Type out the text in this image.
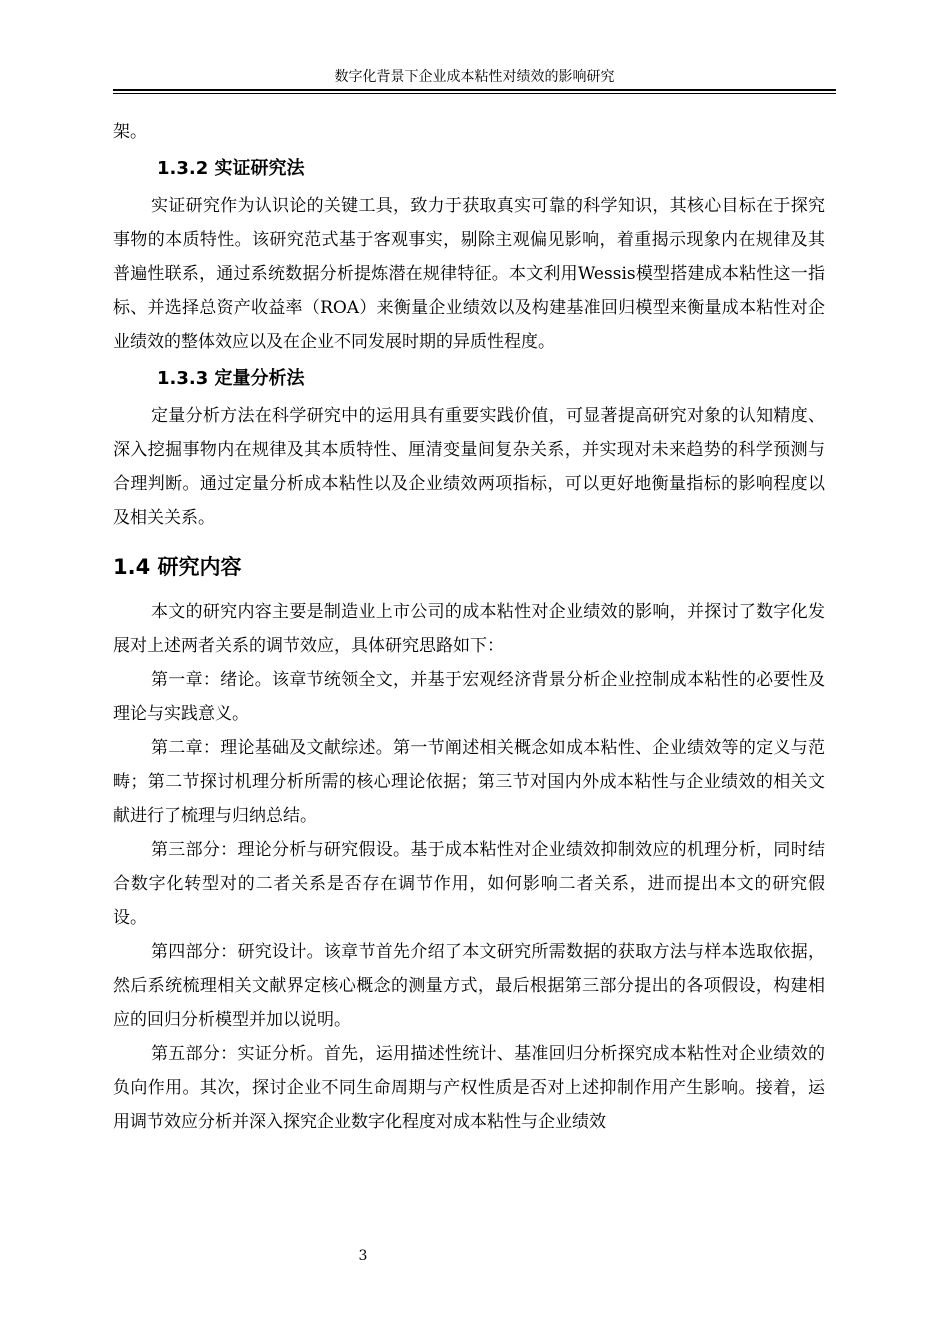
数字化背景下企业成本粘性对绩效的影响研究

架。

1.3.2 实证研究法

实证研究作为认识论的关键工具，致力于获取真实可靠的科学知识，其核心目标在于探究事物的本质特性。该研究范式基于客观事实，剔除主观偏见影响，着重揭示现象内在规律及其普遍性联系，通过系统数据分析提炼潜在规律特征。本文利用Wessis模型搭建成本粘性这一指标、并选择总资产收益率（ROA）来衡量企业绩效以及构建基准回归模型来衡量成本粘性对企业绩效的整体效应以及在企业不同发展时期的异质性程度。

1.3.3 定量分析法

定量分析方法在科学研究中的运用具有重要实践价值，可显著提高研究对象的认知精度、深入挖掘事物内在规律及其本质特性、厘清变量间复杂关系，并实现对未来趋势的科学预测与合理判断。通过定量分析成本粘性以及企业绩效两项指标，可以更好地衡量指标的影响程度以及相关关系。

1.4 研究内容

本文的研究内容主要是制造业上市公司的成本粘性对企业绩效的影响，并探讨了数字化发展对上述两者关系的调节效应，具体研究思路如下：

第一章：绪论。该章节统领全文，并基于宏观经济背景分析企业控制成本粘性的必要性及理论与实践意义。

第二章：理论基础及文献综述。第一节阐述相关概念如成本粘性、企业绩效等的定义与范畴；第二节探讨机理分析所需的核心理论依据；第三节对国内外成本粘性与企业绩效的相关文献进行了梳理与归纳总结。

第三部分：理论分析与研究假设。基于成本粘性对企业绩效抑制效应的机理分析，同时结合数字化转型对的二者关系是否存在调节作用，如何影响二者关系，进而提出本文的研究假设。

第四部分：研究设计。该章节首先介绍了本文研究所需数据的获取方法与样本选取依据，然后系统梳理相关文献界定核心概念的测量方式，最后根据第三部分提出的各项假设，构建相应的回归分析模型并加以说明。

第五部分：实证分析。首先，运用描述性统计、基准回归分析探究成本粘性对企业绩效的负向作用。其次，探讨企业不同生命周期与产权性质是否对上述抑制作用产生影响。接着，运用调节效应分析并深入探究企业数字化程度对成本粘性与企业绩效

3
